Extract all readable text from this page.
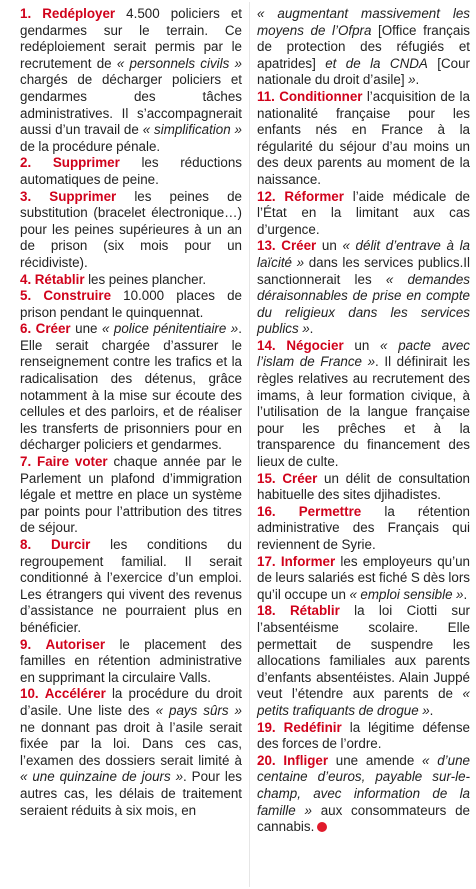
1. Redéployer 4.500 policiers et gendarmes sur le terrain. Ce redéploiement serait permis par le recrutement de « personnels civils » chargés de décharger policiers et gendarmes des tâches administratives. Il s’accompagnerait aussi d’un travail de « simplification » de la procédure pénale.

2. Supprimer les réductions automatiques de peine.

3. Supprimer les peines de substitution (bracelet électronique…) pour les peines supérieures à un an de prison (six mois pour un récidiviste).

4. Rétablir les peines plancher.

5. Construire 10.000 places de prison pendant le quinquennat.

6. Créer une « police pénitentiaire ». Elle serait chargée d’assurer le renseignement contre les trafics et la radicalisation des détenus, grâce notamment à la mise sur écoute des cellules et des parloirs, et de réaliser les transferts de prisonniers pour en décharger policiers et gendarmes.

7. Faire voter chaque année par le Parlement un plafond d’immigration légale et mettre en place un système par points pour l’attribution des titres de séjour.

8. Durcir les conditions du regroupement familial. Il serait conditionné à l’exercice d’un emploi. Les étrangers qui vivent des revenus d’assistance ne pourraient plus en bénéficier.

9. Autoriser le placement des familles en rétention administrative en supprimant la circulaire Valls.

10. Accélérer la procédure du droit d’asile. Une liste des « pays sûrs » ne donnant pas droit à l’asile serait fixée par la loi. Dans ces cas, l’examen des dossiers serait limité à « une quinzaine de jours ». Pour les autres cas, les délais de traitement seraient réduits à six mois, en

« augmentant massivement les moyens de l’Ofpra [Office français de protection des réfugiés et apatrides] et de la CNDA [Cour nationale du droit d’asile] ».

11. Conditionner l’acquisition de la nationalité française pour les enfants nés en France à la régularité du séjour d’au moins un des deux parents au moment de la naissance.

12. Réformer l’aide médicale de l’État en la limitant aux cas d’urgence.

13. Créer un « délit d’entrave à la laïcité » dans les services publics.Il sanctionnerait les « demandes déraisonnables de prise en compte du religieux dans les services publics ».

14. Négocier un « pacte avec l’islam de France ». Il définirait les règles relatives au recrutement des imams, à leur formation civique, à l’utilisation de la langue française pour les prêches et à la transparence du financement des lieux de culte.

15. Créer un délit de consultation habituelle des sites djihadistes.

16. Permettre la rétention administrative des Français qui reviennent de Syrie.

17. Informer les employeurs qu’un de leurs salariés est fiché S dès lors qu’il occupe un « emploi sensible ».

18. Rétablir la loi Ciotti sur l’absentéisme scolaire. Elle permettait de suspendre les allocations familiales aux parents d’enfants absentéistes. Alain Juppé veut l’étendre aux parents de « petits trafiquants de drogue ».

19. Redéfinir la légitime défense des forces de l’ordre.

20. Infliger une amende « d’une centaine d’euros, payable sur-le-champ, avec information de la famille » aux consommateurs de cannabis.
